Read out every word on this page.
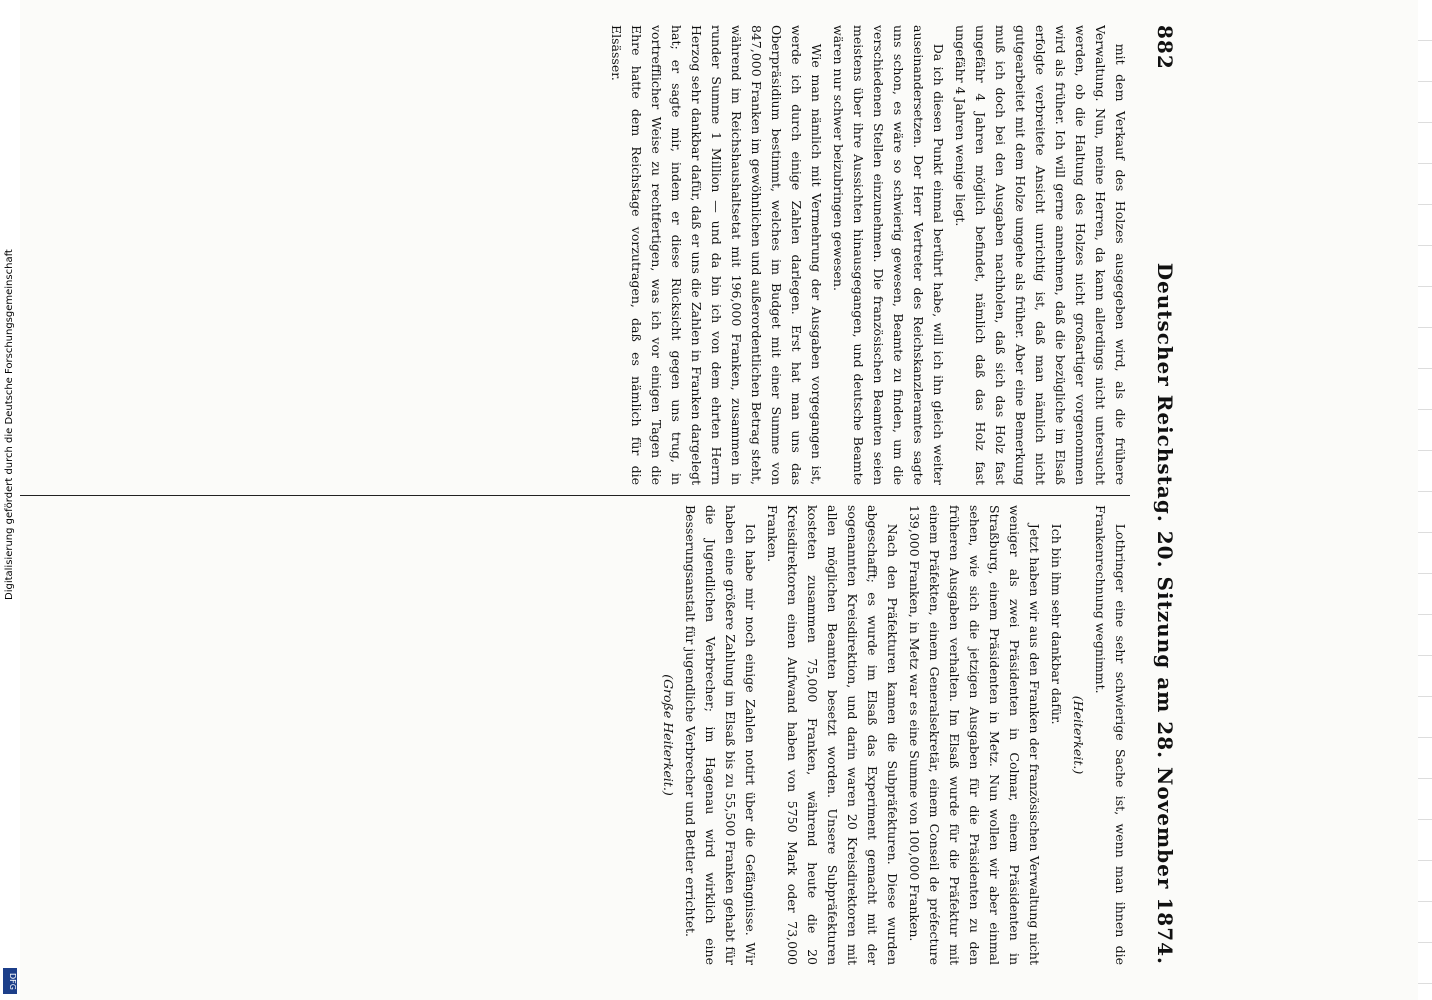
882
Deutscher Reichstag. 20. Sitzung am 28. November 1874.

mit dem Verkauf des Holzes ausgegeben wird, als die frühere Verwaltung. Nun, meine Herren, da kann allerdings nicht untersucht werden, ob die Haltung des Holzes nicht großartiger vorgenommen wird als früher. Ich will gerne annehmen, daß die bezügliche im Elsaß erfolgte verbreitete Ansicht unrichtig ist, daß man nämlich nicht gutgearbeitet mit dem Holze umgehe als früher. Aber eine Bemerkung muß ich doch bei den Ausgaben nachholen, daß sich das Holz fast ungefähr 4 Jahren möglich befindet, nämlich daß das Holz fast ungefähr 4 Jahren wenige liegt.

Da ich diesen Punkt einmal berührt habe, will ich ihn gleich weiter auseinandersetzen. Der Herr Vertreter des Reichskanzleramtes sagte uns schon, es wäre so schwierig gewesen, Beamte zu finden, um die verschiedenen Stellen einzunehmen. Die französischen Beamten seien meistens über ihre Aussichten hinausgegangen, und deutsche Beamte wären nur schwer beizubringen gewesen.

Wie man nämlich mit Vermehrung der Ausgaben vorgegangen ist, werde ich durch einige Zahlen darlegen. Erst hat man uns das Oberpräsidium bestimmt, welches im Budget mit einer Summe von 847,000 Franken im gewöhnlichen und außerordentlichen Betrag steht, während im Reichshaushaltsetat mit 196,000 Franken, zusammen in runder Summe 1 Million — und da bin ich von dem ehrten Herrn Herzog sehr dankbar dafür, daß er uns die Zahlen in Franken dargelegt hat; er sagte mir, indem er diese Rücksicht gegen uns trug, in vortrefflicher Weise zu rechtfertigen, was ich vor einigen Tagen die Ehre hatte dem Reichstage vorzutragen, daß es nämlich für die Elsässer.

Lothringer eine sehr schwierige Sache ist, wenn man ihnen die Frankenrechnung wegnimmt.

(Heiterkeit.)

Ich bin ihm sehr dankbar dafür.

Jetzt haben wir aus den Franken der französischen Verwaltung nicht weniger als zwei Präsidenten in Colmar, einem Präsidenten in Straßburg, einem Präsidenten in Metz. Nun wollen wir aber einmal sehen, wie sich die jetzigen Ausgaben für die Präsidenten zu den früheren Ausgaben verhalten. Im Elsaß wurde für die Präfektur mit einem Präfekten, einem Generalsekretär, einem Conseil de préfecture 139,000 Franken, in Metz war es eine Summe von 100,000 Franken.

Nach den Präfekturen kamen die Subpräfekturen. Diese wurden abgeschafft; es wurde im Elsaß das Experiment gemacht mit der sogenannten Kreisdirektion, und darin waren 20 Kreisdirektoren mit allen möglichen Beamten besetzt worden. Unsere Subpräfekturen kosteten zusammen 75,000 Franken, während heute die 20 Kreisdirektoren einen Aufwand haben von 5750 Mark oder 73,000 Franken.

Ich habe mir noch einige Zahlen notirt über die Gefängnisse. Wir haben eine größere Zahlung im Elsaß bis zu 55,500 Franken gehabt für die Jugendlichen Verbrecher; im Hagenau wird wirklich eine Besserungsanstalt für jugendliche Verbrecher und Bettler errichtet.

(Große Heiterkeit.)

Digitalisierung gefördert durch die Deutsche Forschungsgemeinschaft
DFG
